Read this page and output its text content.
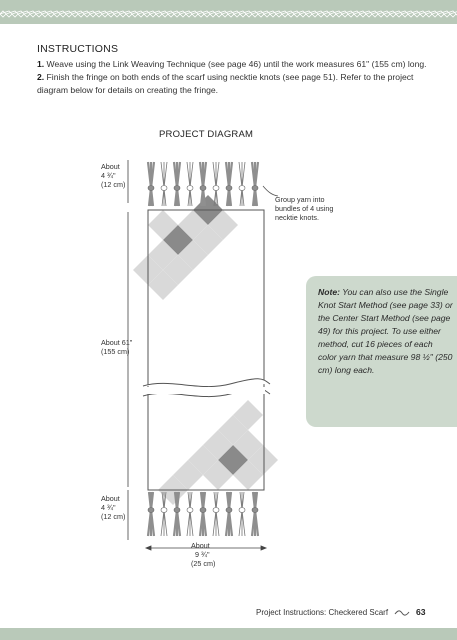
INSTRUCTIONS
1. Weave using the Link Weaving Technique (see page 46) until the work measures 61" (155 cm) long.
2. Finish the fringe on both ends of the scarf using necktie knots (see page 51). Refer to the project diagram below for details on creating the fringe.
PROJECT DIAGRAM
About
4 ¾"
(12 cm)
About 61"
(155 cm)
About
4 ¾"
(12 cm)
About
9 ¾"
(25 cm)
Group yarn into
bundles of 4 using
necktie knots.
Note: You can also use the Single Knot Start Method (see page 33) or the Center Start Method (see page 49) for this project. To use either method, cut 16 pieces of each color yarn that measure 98 ½" (250 cm) long each.
Project Instructions: Checkered Scarf	63
